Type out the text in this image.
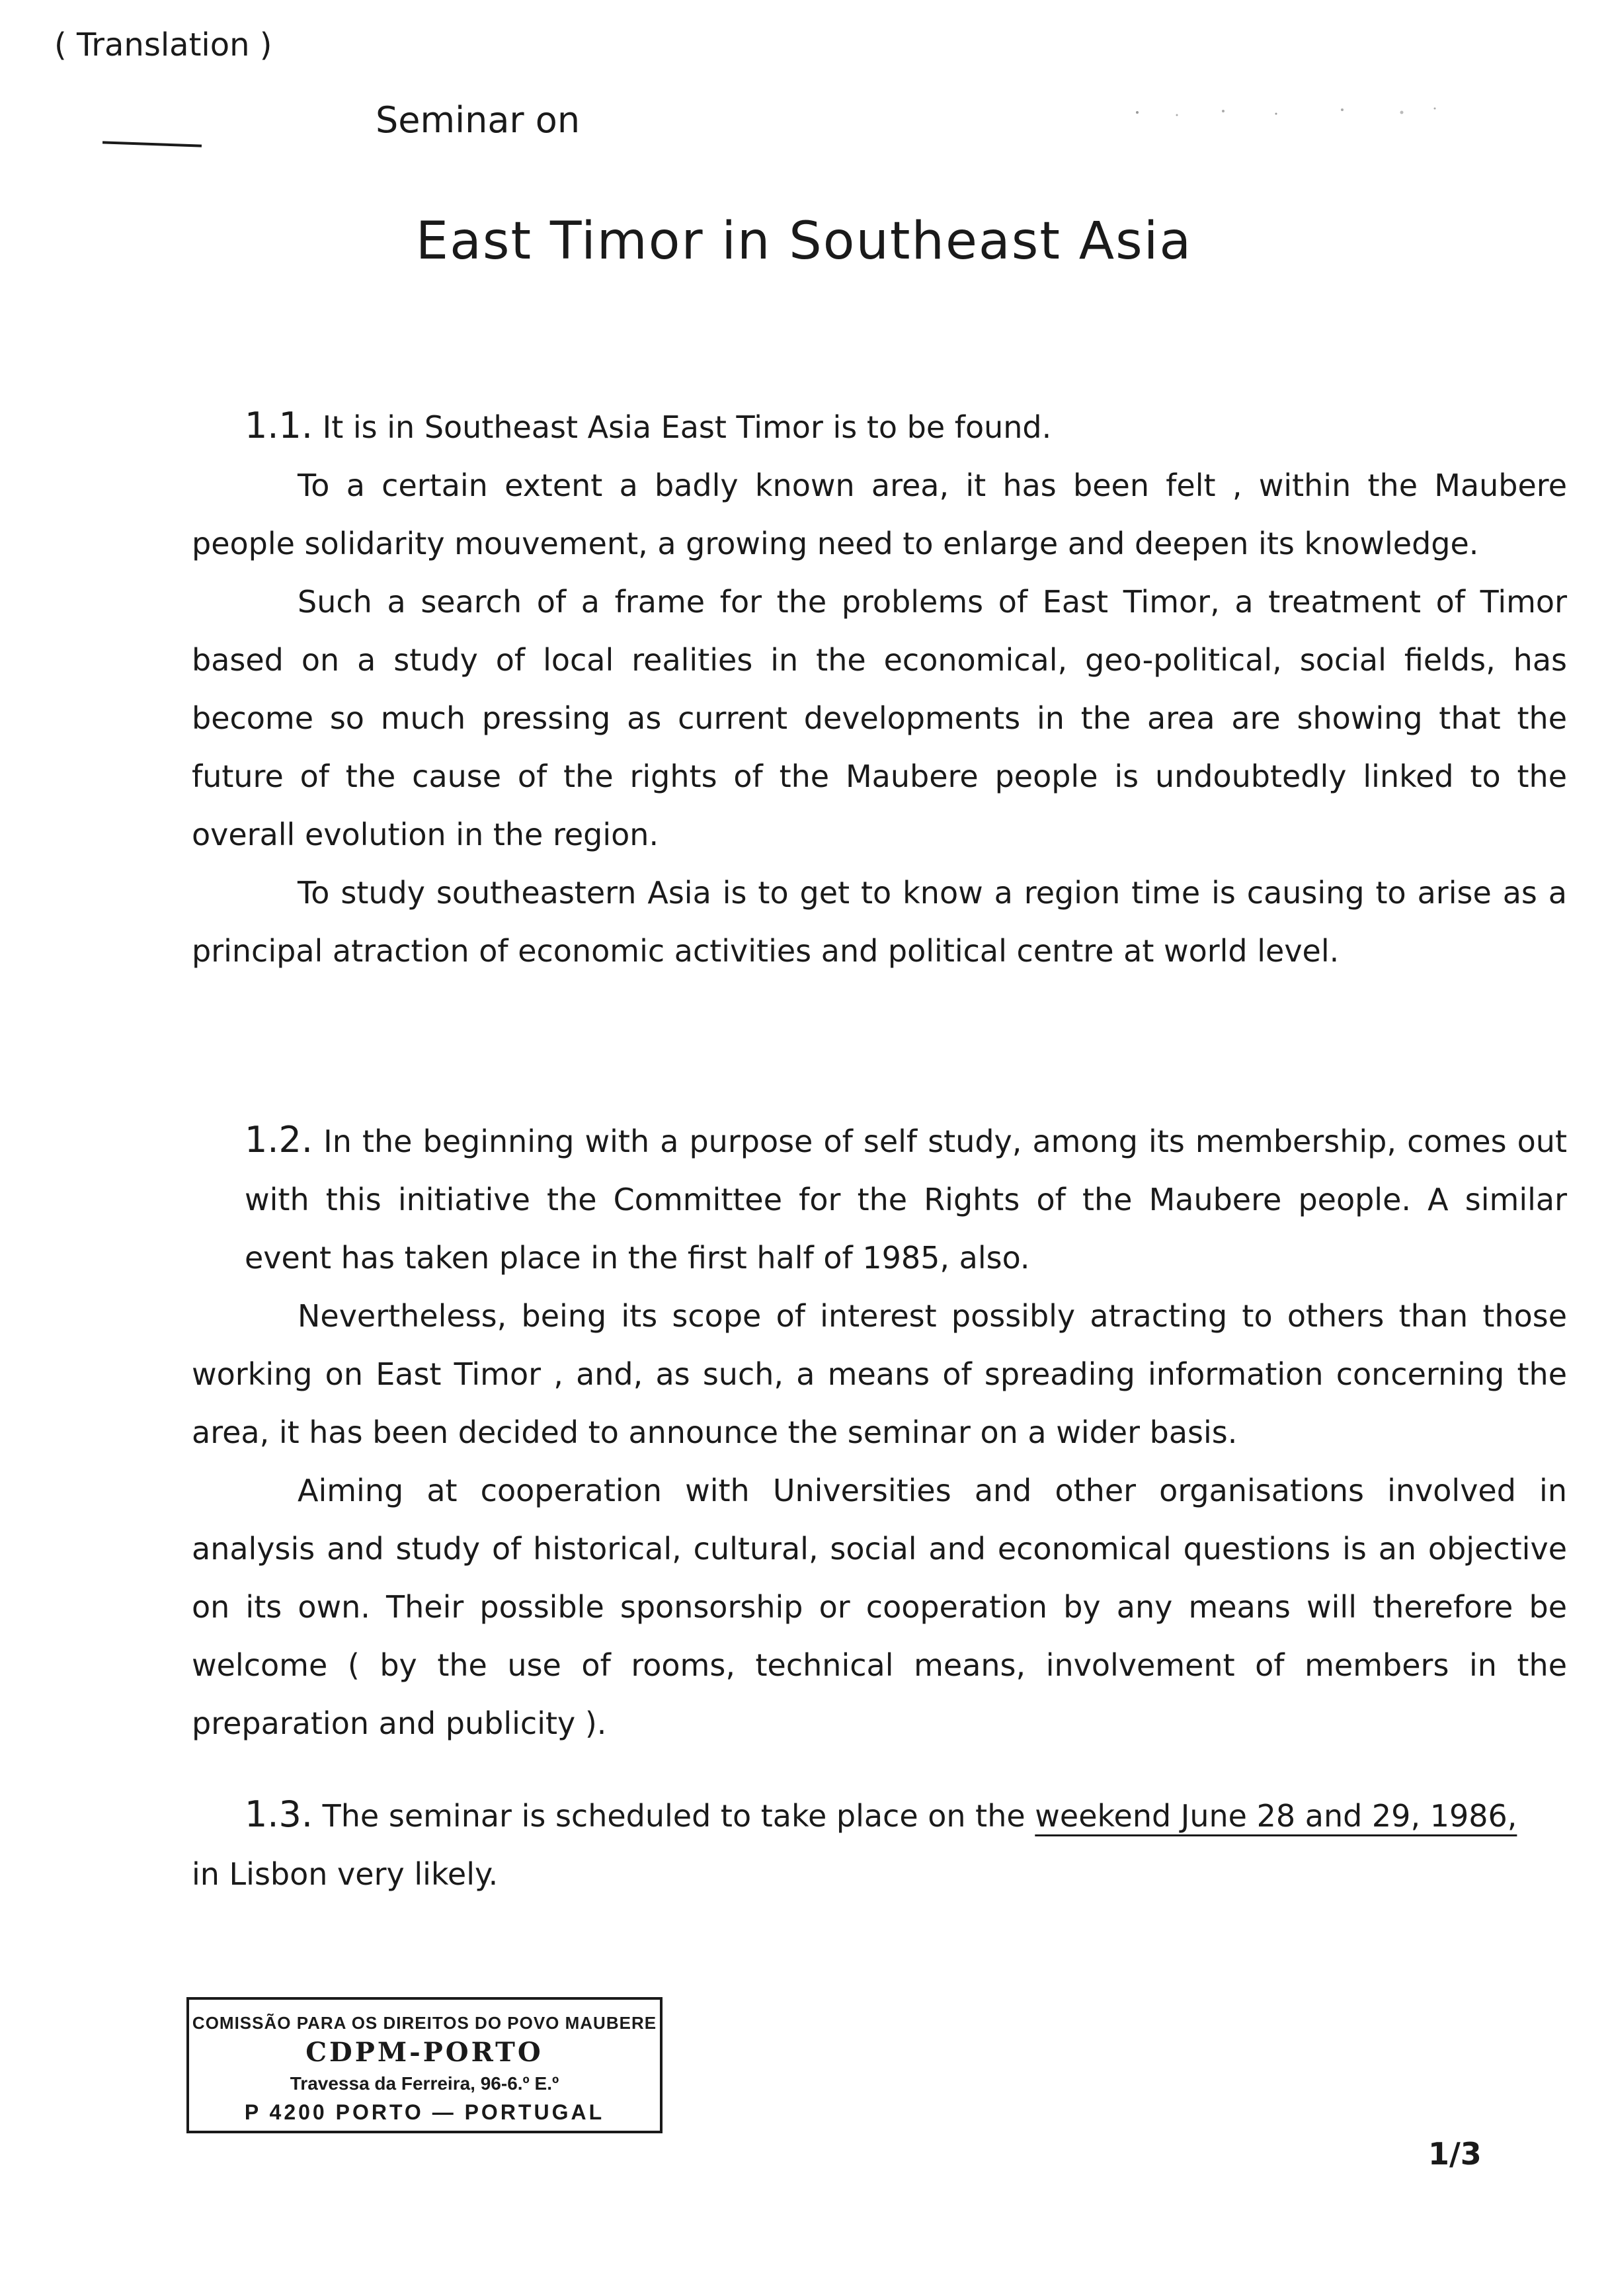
( Translation )
Seminar on
East Timor in Southeast Asia

1.1. It is in Southeast Asia East Timor is to be found.

To a certain extent a badly known area, it has been felt , within the Maubere people solidarity mouvement, a growing need to enlarge and deepen its knowledge.

Such a search of a frame for the problems of East Timor, a treatment of Timor based on a study of local realities in the economical, geo-political, social fields, has become so much pressing as current developments in the area are showing that the future of the cause of the rights of the Maubere people is undoubtedly linked to the overall evolution in the region.

To study southeastern Asia is to get to know a region time is causing to arise as a principal atraction of economic activities and political centre at world level.

1.2. In the beginning with a purpose of self study, among its membership, comes out with this initiative the Committee for the Rights of the Maubere people. A similar event has taken place in the first half of 1985, also.

Nevertheless, being its scope of interest possibly atracting to others than those working on East Timor , and, as such, a means of spreading information concerning the area, it has been decided to announce the seminar on a wider basis.

Aiming at cooperation with Universities and other organisations involved in analysis and study of historical, cultural, social and economical questions is an objective on its own. Their possible sponsorship or cooperation by any means will therefore be welcome ( by the use of rooms, technical means, involvement of members in the preparation and publicity ).

1.3. The seminar is scheduled to take place on the weekend June 28 and 29, 1986,

in Lisbon very likely.

COMISSÃO PARA OS DIREITOS DO POVO MAUBERE
CDPM-PORTO
Travessa da Ferreira, 96-6.º E.º
P 4200 PORTO — PORTUGAL
1/3
